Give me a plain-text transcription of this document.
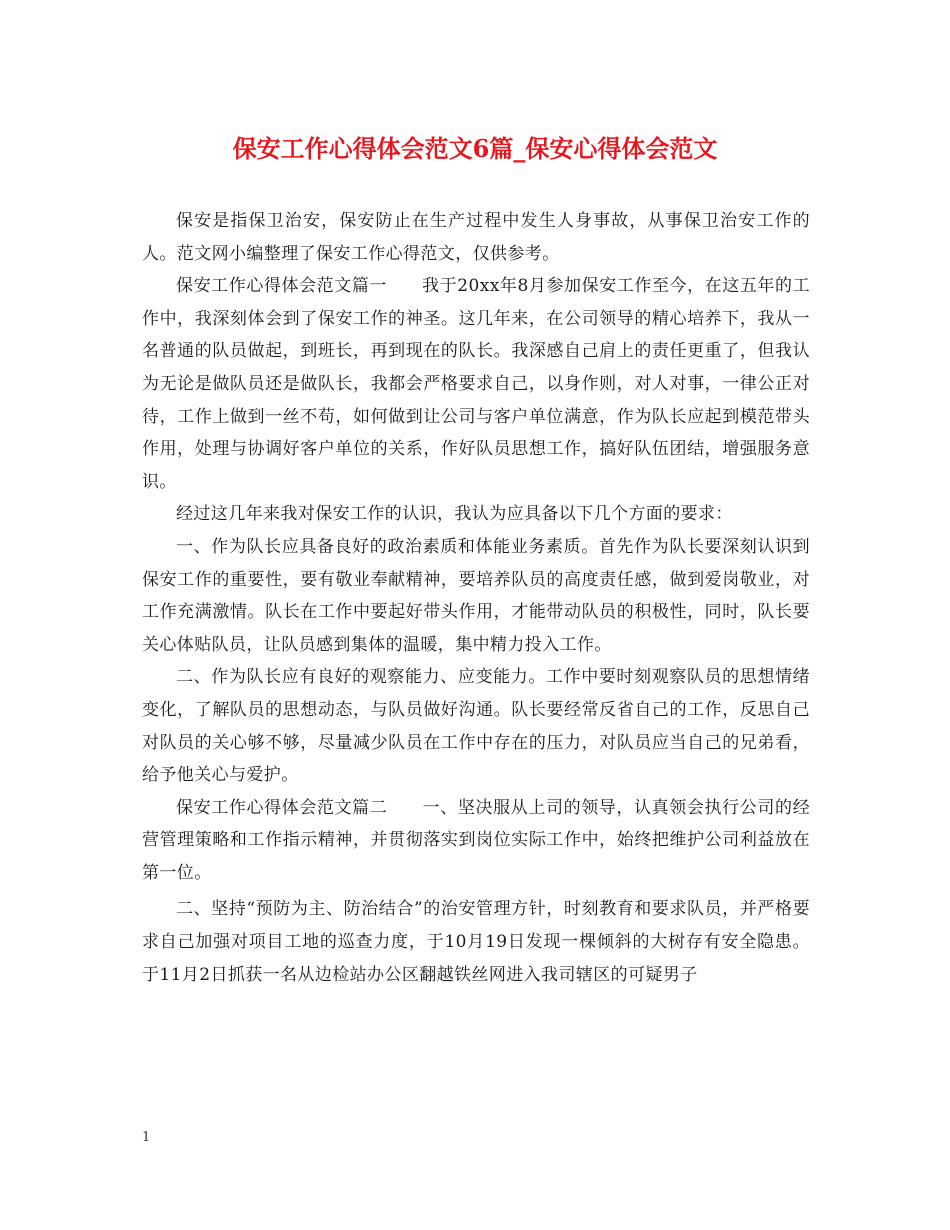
保安工作心得体会范文6篇_保安心得体会范文

保安是指保卫治安，保安防止在生产过程中发生人身事故，从事保卫治安工作的人。范文网小编整理了保安工作心得范文，仅供参考。

保安工作心得体会范文篇一　　我于20xx年8月参加保安工作至今，在这五年的工作中，我深刻体会到了保安工作的神圣。这几年来，在公司领导的精心培养下，我从一名普通的队员做起，到班长，再到现在的队长。我深感自己肩上的责任更重了，但我认为无论是做队员还是做队长，我都会严格要求自己，以身作则，对人对事，一律公正对待，工作上做到一丝不苟，如何做到让公司与客户单位满意，作为队长应起到模范带头作用，处理与协调好客户单位的关系，作好队员思想工作，搞好队伍团结，增强服务意识。

经过这几年来我对保安工作的认识，我认为应具备以下几个方面的要求：

一、作为队长应具备良好的政治素质和体能业务素质。首先作为队长要深刻认识到保安工作的重要性，要有敬业奉献精神，要培养队员的高度责任感，做到爱岗敬业，对工作充满激情。队长在工作中要起好带头作用，才能带动队员的积极性，同时，队长要关心体贴队员，让队员感到集体的温暖，集中精力投入工作。

二、作为队长应有良好的观察能力、应变能力。工作中要时刻观察队员的思想情绪变化，了解队员的思想动态，与队员做好沟通。队长要经常反省自己的工作，反思自己对队员的关心够不够，尽量减少队员在工作中存在的压力，对队员应当自己的兄弟看，给予他关心与爱护。

保安工作心得体会范文篇二　　一、坚决服从上司的领导，认真领会执行公司的经营管理策略和工作指示精神，并贯彻落实到岗位实际工作中，始终把维护公司利益放在第一位。

二、坚持“预防为主、防治结合”的治安管理方针，时刻教育和要求队员，并严格要求自己加强对项目工地的巡查力度，于10月19日发现一棵倾斜的大树存有安全隐患。于11月2日抓获一名从边检站办公区翻越铁丝网进入我司辖区的可疑男子

1
